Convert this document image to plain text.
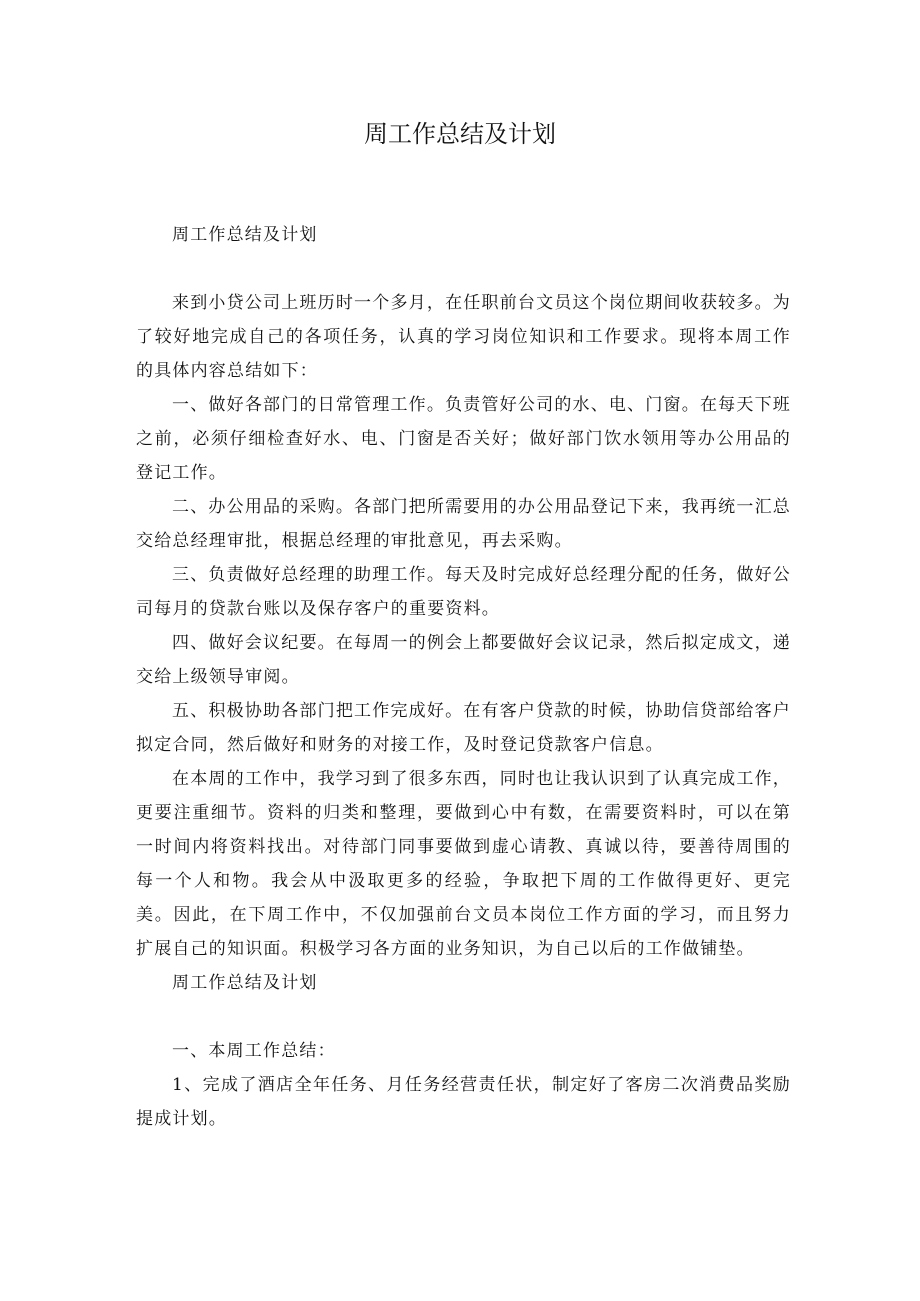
周工作总结及计划

周工作总结及计划

来到小贷公司上班历时一个多月，在任职前台文员这个岗位期间收获较多。为了较好地完成自己的各项任务，认真的学习岗位知识和工作要求。现将本周工作的具体内容总结如下：

一、做好各部门的日常管理工作。负责管好公司的水、电、门窗。在每天下班之前，必须仔细检查好水、电、门窗是否关好；做好部门饮水领用等办公用品的登记工作。

二、办公用品的采购。各部门把所需要用的办公用品登记下来，我再统一汇总交给总经理审批，根据总经理的审批意见，再去采购。

三、负责做好总经理的助理工作。每天及时完成好总经理分配的任务，做好公司每月的贷款台账以及保存客户的重要资料。

四、做好会议纪要。在每周一的例会上都要做好会议记录，然后拟定成文，递交给上级领导审阅。

五、积极协助各部门把工作完成好。在有客户贷款的时候，协助信贷部给客户拟定合同，然后做好和财务的对接工作，及时登记贷款客户信息。

在本周的工作中，我学习到了很多东西，同时也让我认识到了认真完成工作，更要注重细节。资料的归类和整理，要做到心中有数，在需要资料时，可以在第一时间内将资料找出。对待部门同事要做到虚心请教、真诚以待，要善待周围的每一个人和物。我会从中汲取更多的经验，争取把下周的工作做得更好、更完美。因此，在下周工作中，不仅加强前台文员本岗位工作方面的学习，而且努力扩展自己的知识面。积极学习各方面的业务知识，为自己以后的工作做铺垫。

周工作总结及计划

一、本周工作总结：

1、完成了酒店全年任务、月任务经营责任状，制定好了客房二次消费品奖励提成计划。
